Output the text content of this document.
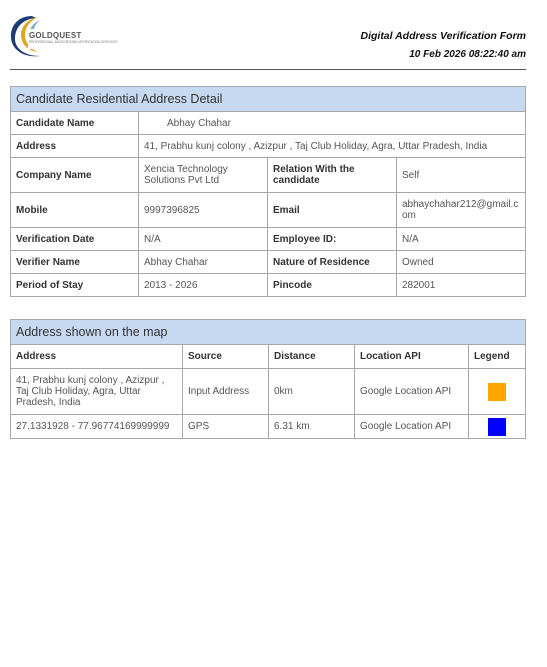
GOLDQUEST
PROFESSIONAL BACKGROUND VERIFICATION SERVICES	Digital Address Verification Form
10 Feb 2026 08:22:40 am
Candidate Residential Address Detail			
Candidate Name	Abhay Chahar		
Address	41, Prabhu kunj colony , Azizpur , Taj Club Holiday, Agra, Uttar Pradesh, India		
Company Name	Xencia Technology Solutions Pvt Ltd	Relation With the candidate	Self
Mobile	9997396825	Email	abhaychahar212@gmail.com
Verification Date	N/A	Employee ID:	N/A
Verifier Name	Abhay Chahar	Nature of Residence	Owned
Period of Stay	2013 - 2026	Pincode	282001
Address shown on the map				
Address	Source	Distance	Location API	Legend
41, Prabhu kunj colony , Azizpur , Taj Club Holiday, Agra, Uttar Pradesh, India	Input Address	0km	Google Location API	

27.1331928 - 77.96774169999999	GPS	6.31 km	Google Location API	
